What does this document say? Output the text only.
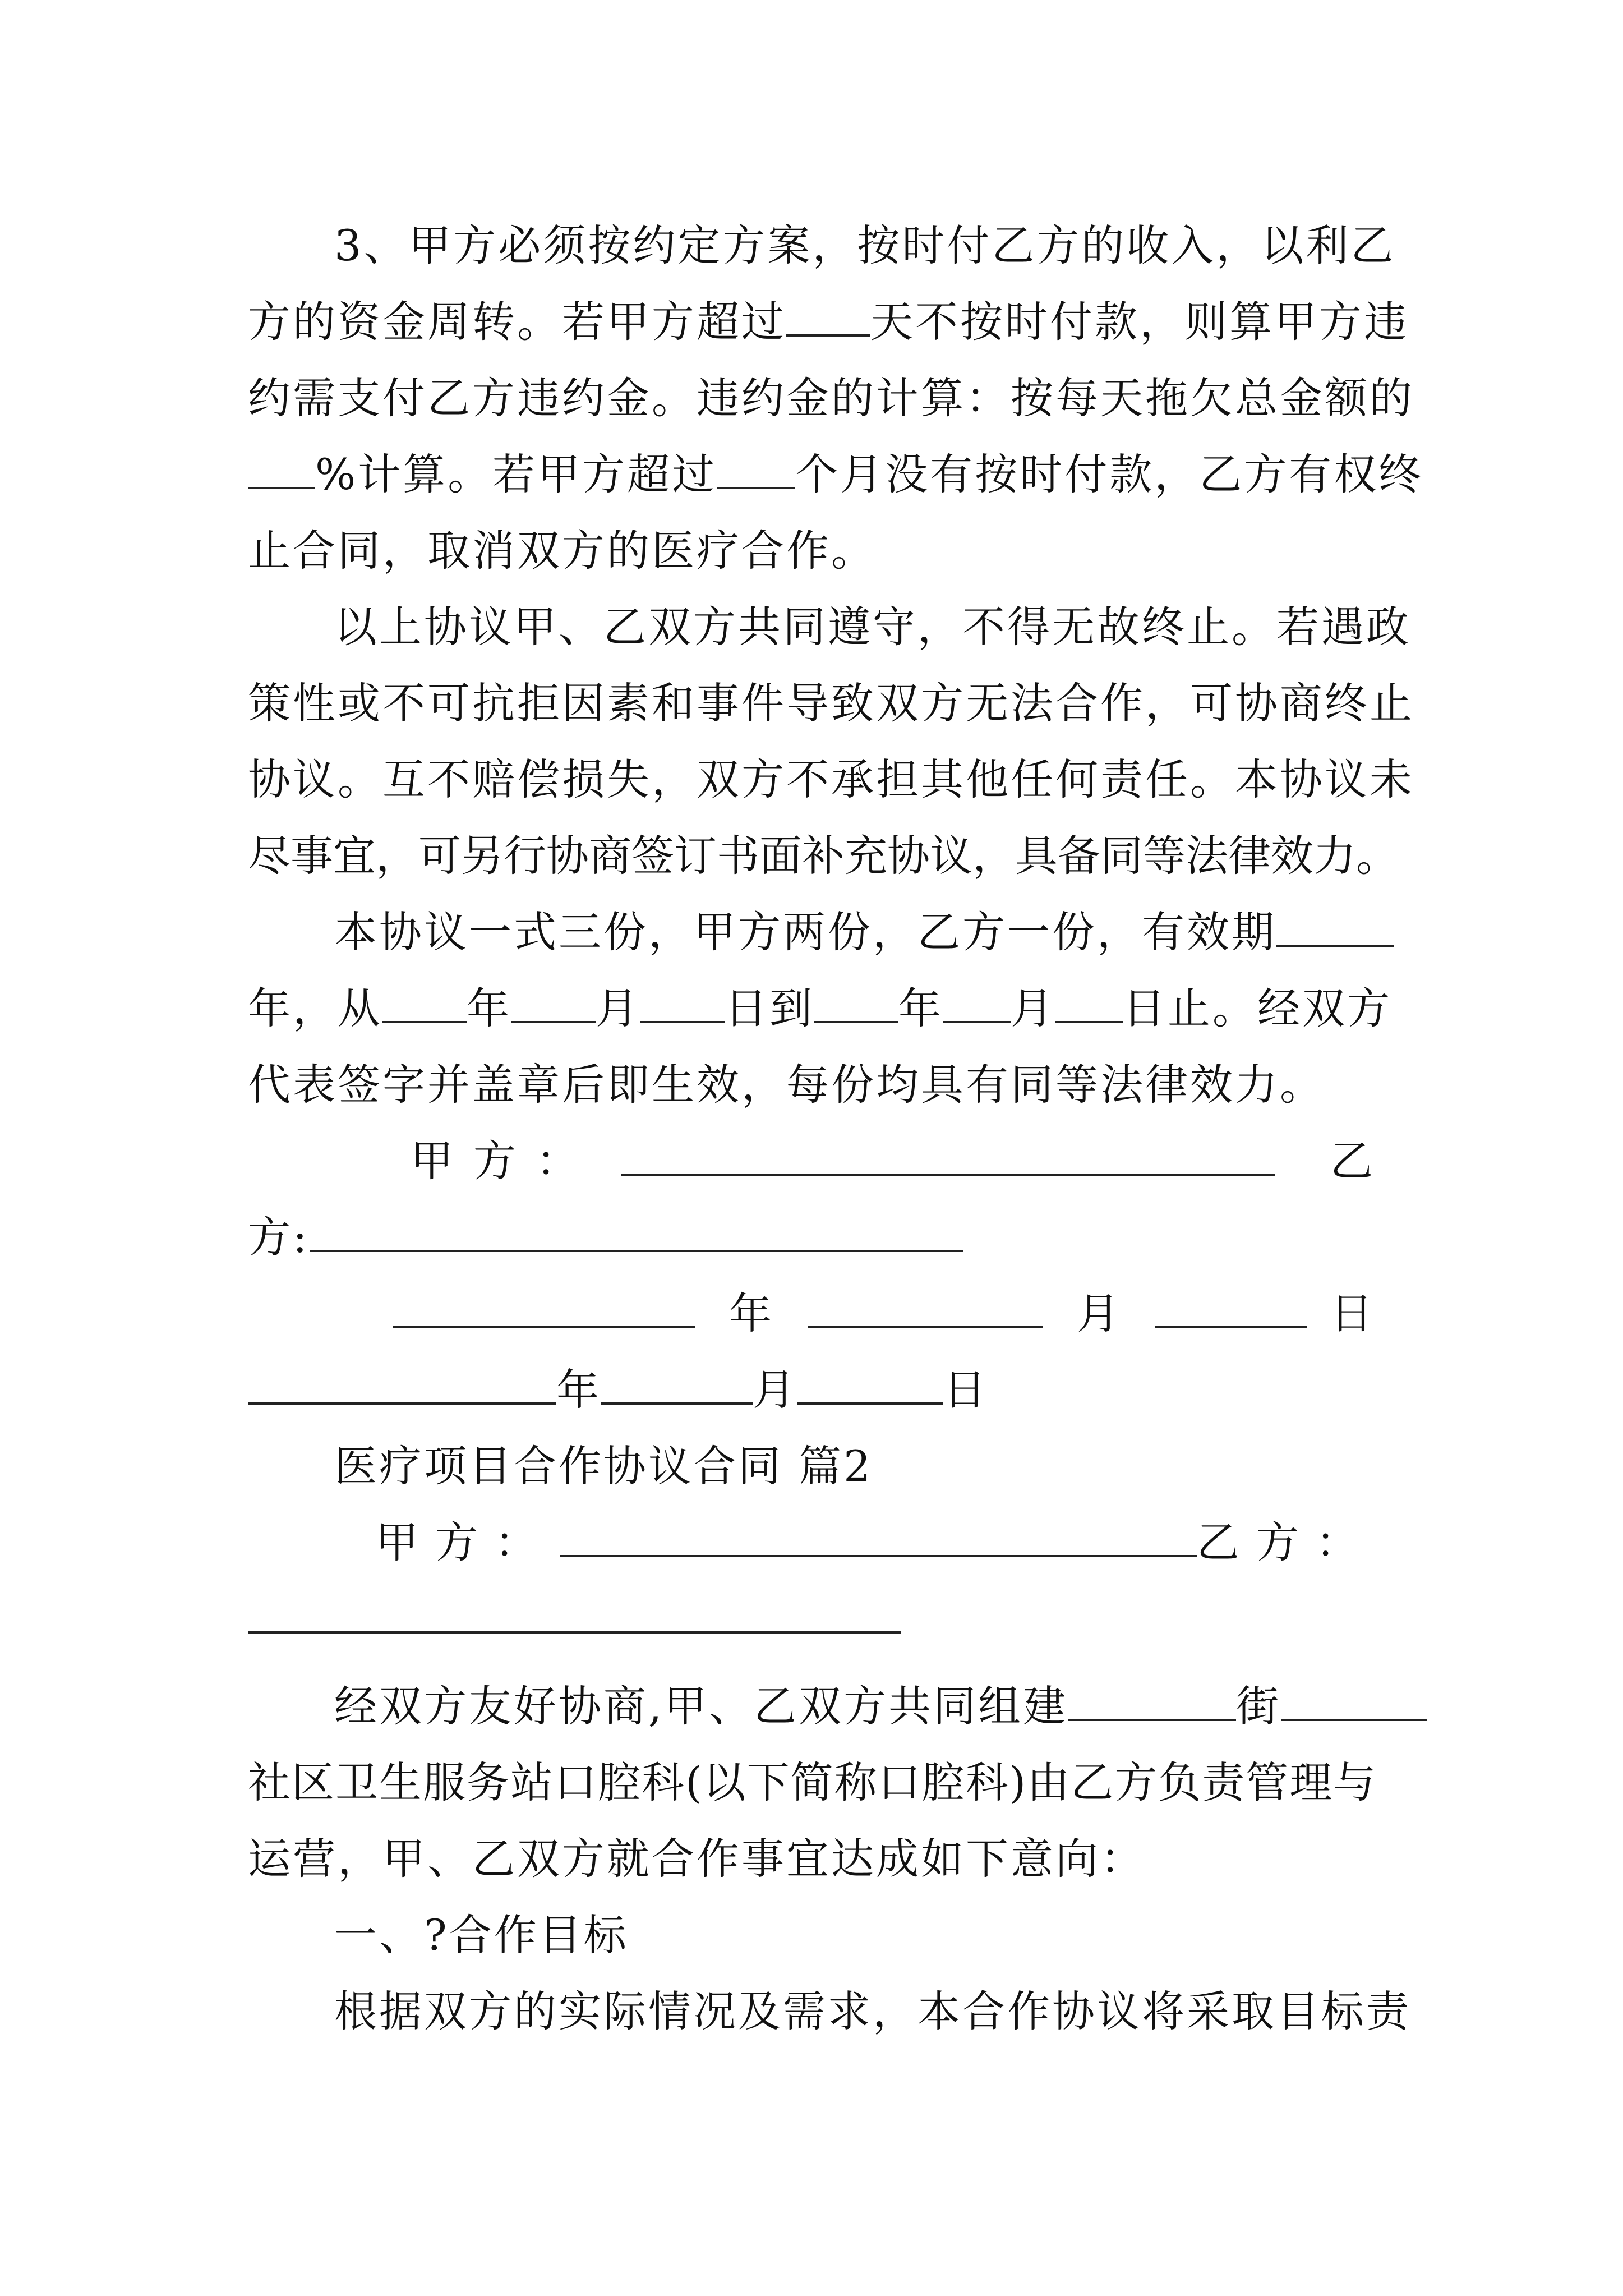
3、甲方必须按约定方案，按时付乙方的收入，以利乙
方的资金周转。若甲方超过 天不按时付款，则算甲方违
约需支付乙方违约金。违约金的计算：按每天拖欠总金额的
%计算。若甲方超过 个月没有按时付款，乙方有权终
止合同，取消双方的医疗合作。
以上协议甲、乙双方共同遵守，不得无故终止。若遇政
策性或不可抗拒因素和事件导致双方无法合作，可协商终止
协议。互不赔偿损失，双方不承担其他任何责任。本协议未
尽事宜，可另行协商签订书面补充协议，具备同等法律效力。
本协议一式三份，甲方两份，乙方一份，有效期
年，从 年 月 日到 年 月 日止。经双方
代表签字并盖章后即生效，每份均具有同等法律效力。
甲方：	乙
方:
年	月	日
年	月	日
医疗项目合作协议合同 篇2
甲方：	乙方：
经双方友好协商,甲、乙双方共同组建	街
社区卫生服务站口腔科(以下简称口腔科)由乙方负责管理与
运营，甲、乙双方就合作事宜达成如下意向：
一、?合作目标
根据双方的实际情况及需求，本合作协议将采取目标责
